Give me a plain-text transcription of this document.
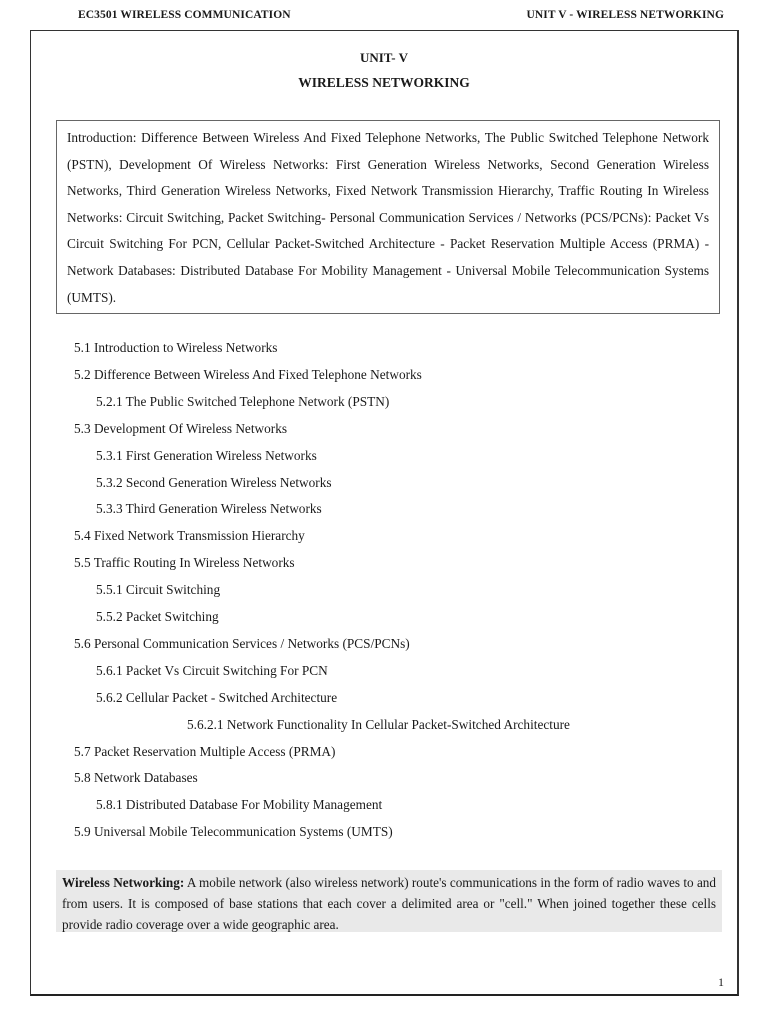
EC3501 WIRELESS COMMUNICATION	UNIT V - WIRELESS NETWORKING
UNIT- V
WIRELESS NETWORKING
Introduction: Difference Between Wireless And Fixed Telephone Networks, The Public Switched Telephone Network (PSTN), Development Of Wireless Networks: First Generation Wireless Networks, Second Generation Wireless Networks, Third Generation Wireless Networks, Fixed Network Transmission Hierarchy, Traffic Routing In Wireless Networks: Circuit Switching, Packet Switching- Personal Communication Services / Networks (PCS/PCNs): Packet Vs Circuit Switching For PCN, Cellular Packet-Switched Architecture - Packet Reservation Multiple Access (PRMA) - Network Databases: Distributed Database For Mobility Management - Universal Mobile Telecommunication Systems (UMTS).
5.1 Introduction to Wireless Networks
5.2 Difference Between Wireless And Fixed Telephone Networks
5.2.1 The Public Switched Telephone Network (PSTN)
5.3 Development Of Wireless Networks
5.3.1 First Generation Wireless Networks
5.3.2 Second Generation Wireless Networks
5.3.3 Third Generation Wireless Networks
5.4 Fixed Network Transmission Hierarchy
5.5 Traffic Routing In Wireless Networks
5.5.1 Circuit Switching
5.5.2 Packet Switching
5.6 Personal Communication Services / Networks (PCS/PCNs)
5.6.1 Packet Vs Circuit Switching For PCN
5.6.2 Cellular Packet - Switched Architecture
5.6.2.1 Network Functionality In Cellular Packet-Switched Architecture
5.7 Packet Reservation Multiple Access (PRMA)
5.8 Network Databases
5.8.1 Distributed Database For Mobility Management
5.9 Universal Mobile Telecommunication Systems (UMTS)
Wireless Networking: A mobile network (also wireless network) route's communications in the form of radio waves to and from users. It is composed of base stations that each cover a delimited area or "cell." When joined together these cells provide radio coverage over a wide geographic area.
1
